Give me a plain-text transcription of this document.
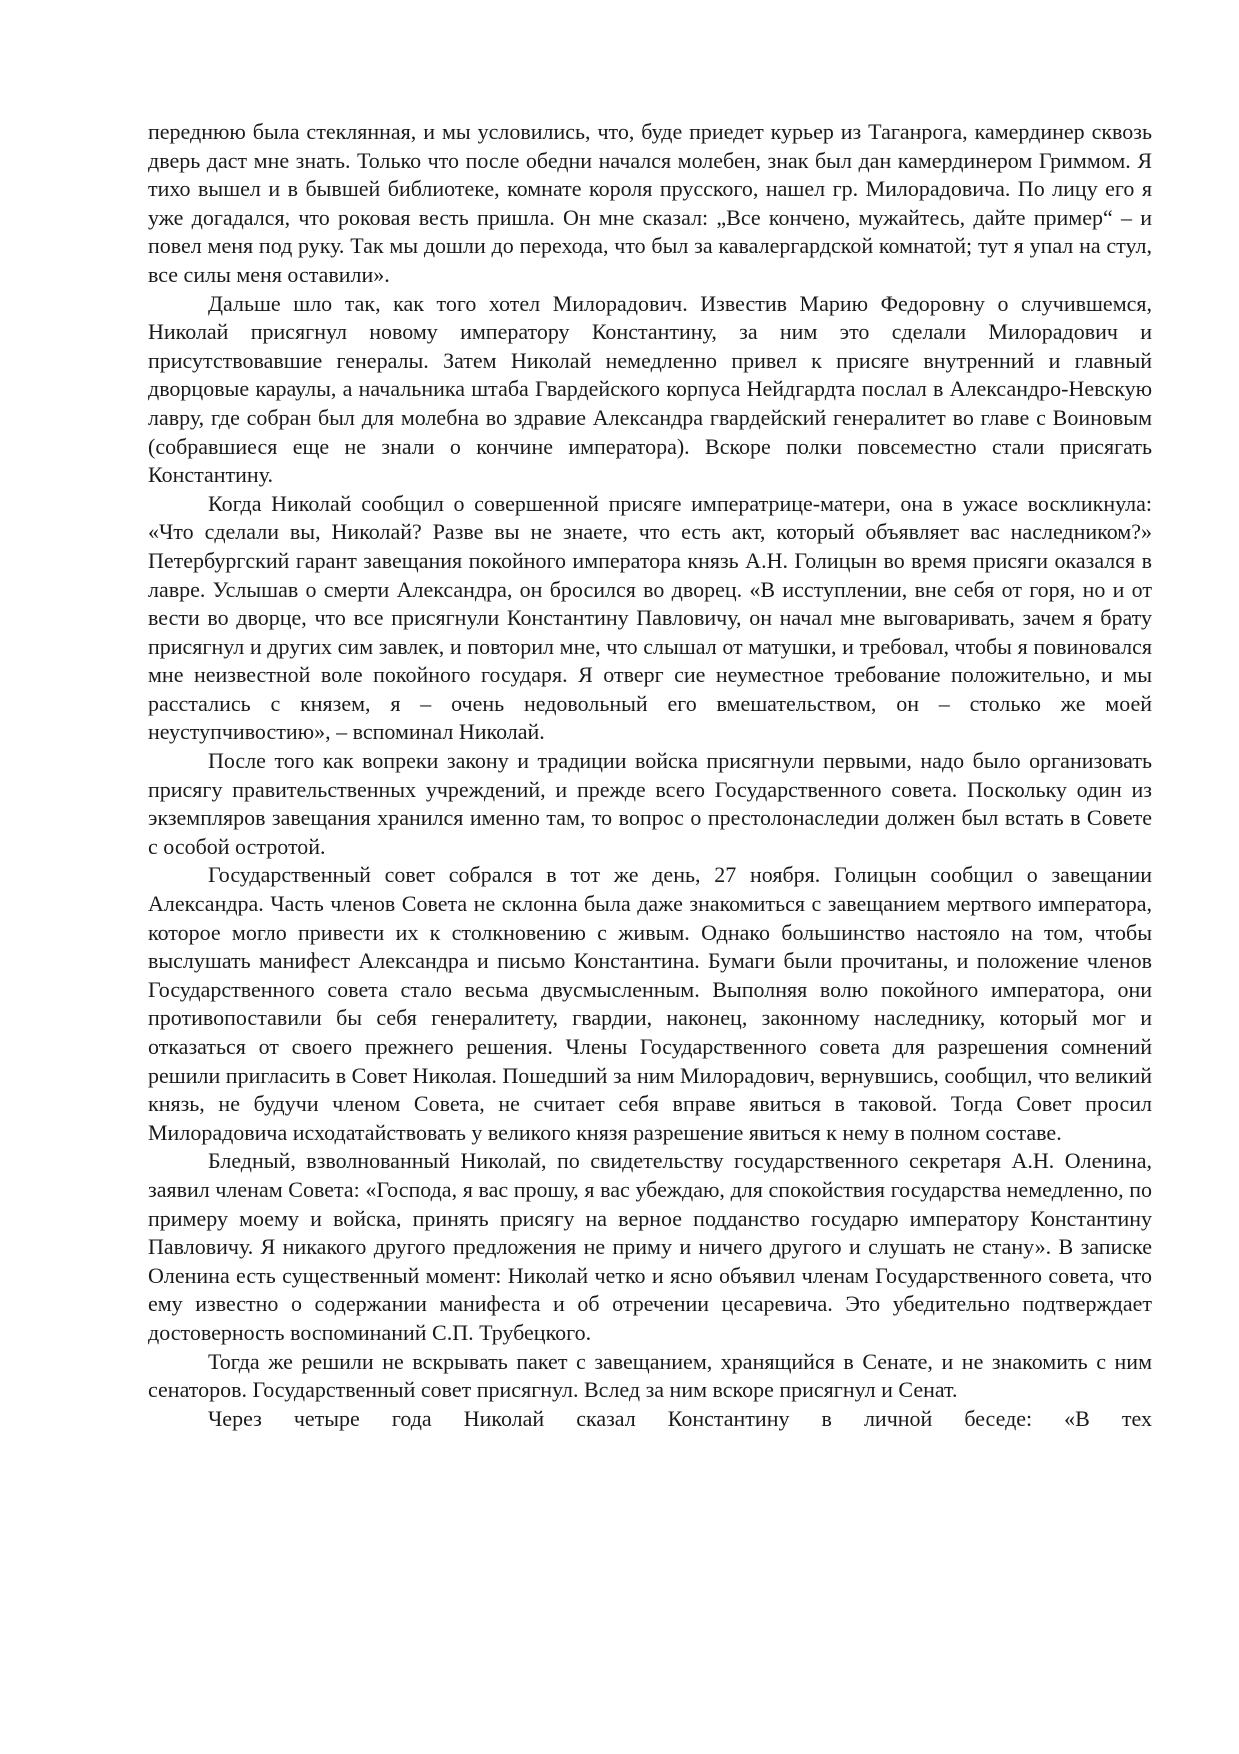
переднюю была стеклянная, и мы условились, что, буде приедет курьер из Таганрога, камердинер сквозь дверь даст мне знать. Только что после обедни начался молебен, знак был дан камердинером Гриммом. Я тихо вышел и в бывшей библиотеке, комнате короля прусского, нашел гр. Милорадовича. По лицу его я уже догадался, что роковая весть пришла. Он мне сказал: „Все кончено, мужайтесь, дайте пример“ – и повел меня под руку. Так мы дошли до перехода, что был за кавалергардской комнатой; тут я упал на стул, все силы меня оставили».

Дальше шло так, как того хотел Милорадович. Известив Марию Федоровну о случившемся, Николай присягнул новому императору Константину, за ним это сделали Милорадович и присутствовавшие генералы. Затем Николай немедленно привел к присяге внутренний и главный дворцовые караулы, а начальника штаба Гвардейского корпуса Нейдгардта послал в Александро-Невскую лавру, где собран был для молебна во здравие Александра гвардейский генералитет во главе с Воиновым (собравшиеся еще не знали о кончине императора). Вскоре полки повсеместно стали присягать Константину.

Когда Николай сообщил о совершенной присяге императрице-матери, она в ужасе воскликнула: «Что сделали вы, Николай? Разве вы не знаете, что есть акт, который объявляет вас наследником?» Петербургский гарант завещания покойного императора князь А.Н. Голицын во время присяги оказался в лавре. Услышав о смерти Александра, он бросился во дворец. «В исступлении, вне себя от горя, но и от вести во дворце, что все присягнули Константину Павловичу, он начал мне выговаривать, зачем я брату присягнул и других сим завлек, и повторил мне, что слышал от матушки, и требовал, чтобы я повиновался мне неизвестной воле покойного государя. Я отверг сие неуместное требование положительно, и мы расстались с князем, я – очень недовольный его вмешательством, он – столько же моей неуступчивостию», – вспоминал Николай.

После того как вопреки закону и традиции войска присягнули первыми, надо было организовать присягу правительственных учреждений, и прежде всего Государственного совета. Поскольку один из экземпляров завещания хранился именно там, то вопрос о престолонаследии должен был встать в Совете с особой остротой.

Государственный совет собрался в тот же день, 27 ноября. Голицын сообщил о завещании Александра. Часть членов Совета не склонна была даже знакомиться с завещанием мертвого императора, которое могло привести их к столкновению с живым. Однако большинство настояло на том, чтобы выслушать манифест Александра и письмо Константина. Бумаги были прочитаны, и положение членов Государственного совета стало весьма двусмысленным. Выполняя волю покойного императора, они противопоставили бы себя генералитету, гвардии, наконец, законному наследнику, который мог и отказаться от своего прежнего решения. Члены Государственного совета для разрешения сомнений решили пригласить в Совет Николая. Пошедший за ним Милорадович, вернувшись, сообщил, что великий князь, не будучи членом Совета, не считает себя вправе явиться в таковой. Тогда Совет просил Милорадовича исходатайствовать у великого князя разрешение явиться к нему в полном составе.

Бледный, взволнованный Николай, по свидетельству государственного секретаря А.Н. Оленина, заявил членам Совета: «Господа, я вас прошу, я вас убеждаю, для спокойствия государства немедленно, по примеру моему и войска, принять присягу на верное подданство государю императору Константину Павловичу. Я никакого другого предложения не приму и ничего другого и слушать не стану». В записке Оленина есть существенный момент: Николай четко и ясно объявил членам Государственного совета, что ему известно о содержании манифеста и об отречении цесаревича. Это убедительно подтверждает достоверность воспоминаний С.П. Трубецкого.

Тогда же решили не вскрывать пакет с завещанием, хранящийся в Сенате, и не знакомить с ним сенаторов. Государственный совет присягнул. Вслед за ним вскоре присягнул и Сенат.

Через четыре года Николай сказал Константину в личной беседе: «В тех
